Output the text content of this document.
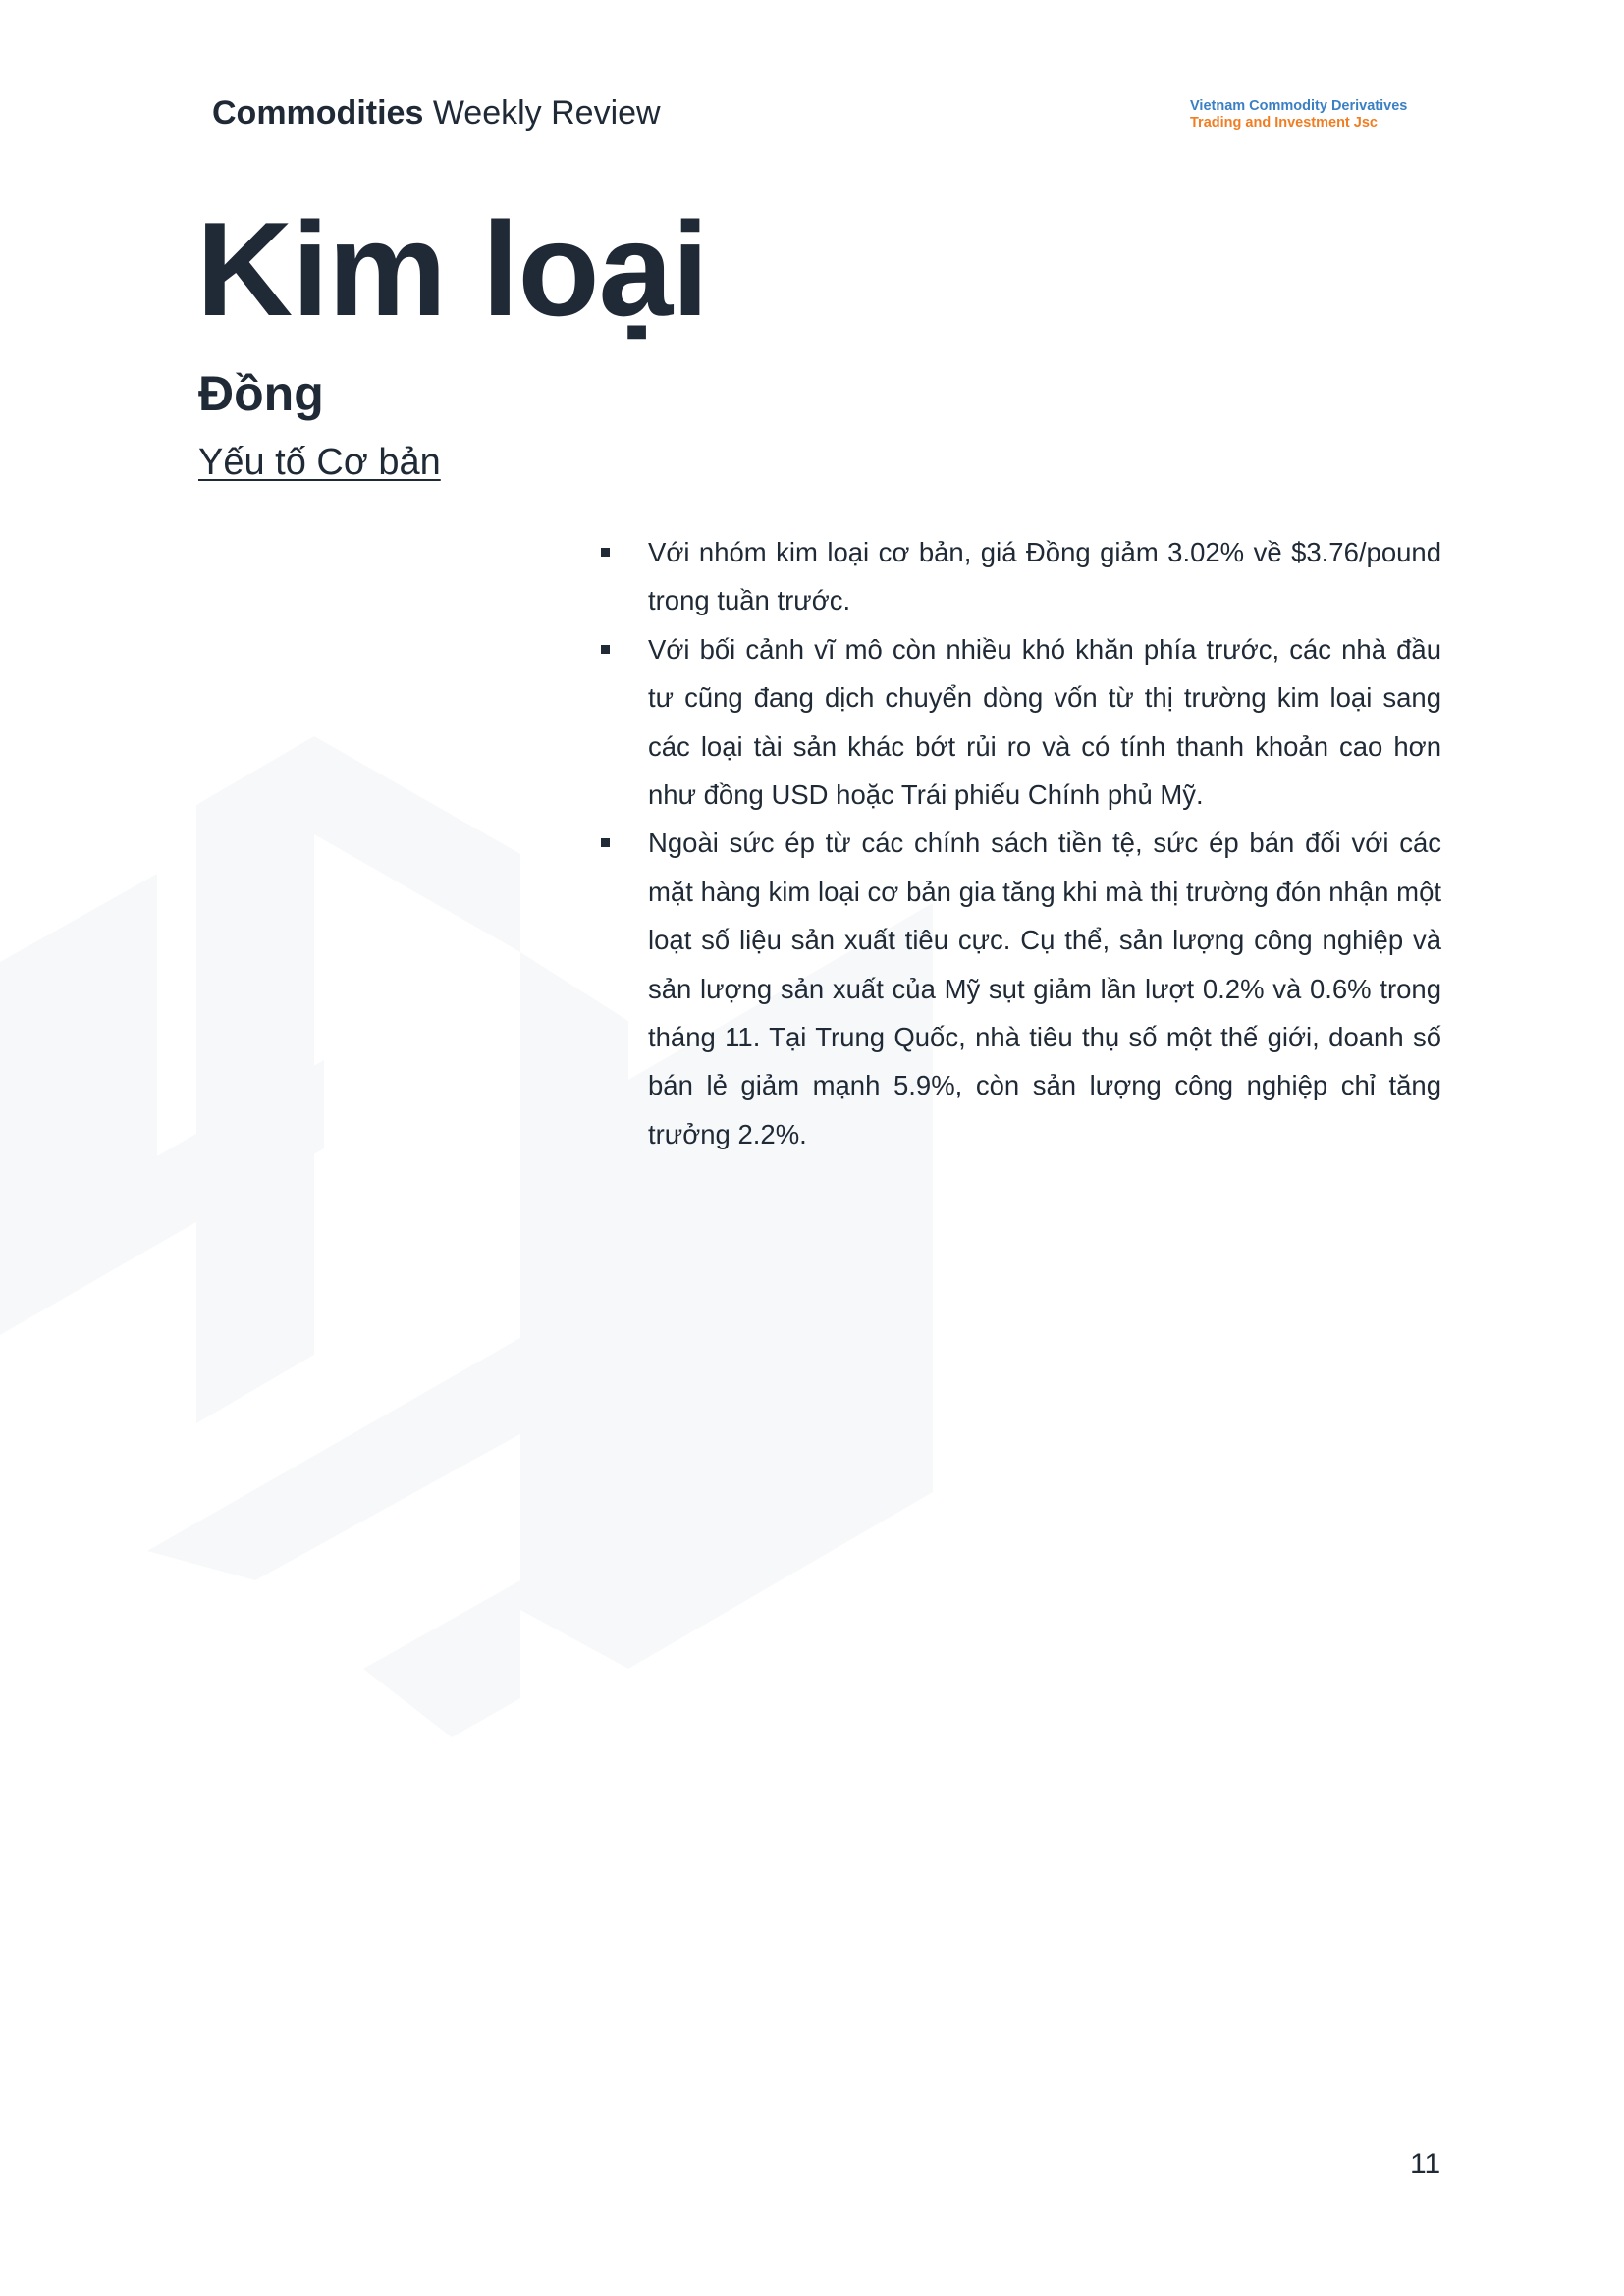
Commodities Weekly Review	Vietnam Commodity Derivatives
Trading and Investment Jsc
Kim loại
Đồng
Yếu tố Cơ bản
Với nhóm kim loại cơ bản, giá Đồng giảm 3.02% về $3.76/pound trong tuần trước.
Với bối cảnh vĩ mô còn nhiều khó khăn phía trước, các nhà đầu tư cũng đang dịch chuyển dòng vốn từ thị trường kim loại sang các loại tài sản khác bớt rủi ro và có tính thanh khoản cao hơn như đồng USD hoặc Trái phiếu Chính phủ Mỹ.
Ngoài sức ép từ các chính sách tiền tệ, sức ép bán đối với các mặt hàng kim loại cơ bản gia tăng khi mà thị trường đón nhận một loạt số liệu sản xuất tiêu cực. Cụ thể, sản lượng công nghiệp và sản lượng sản xuất của Mỹ sụt giảm lần lượt 0.2% và 0.6% trong tháng 11. Tại Trung Quốc, nhà tiêu thụ số một thế giới, doanh số bán lẻ giảm mạnh 5.9%, còn sản lượng công nghiệp chỉ tăng trưởng 2.2%.
11
